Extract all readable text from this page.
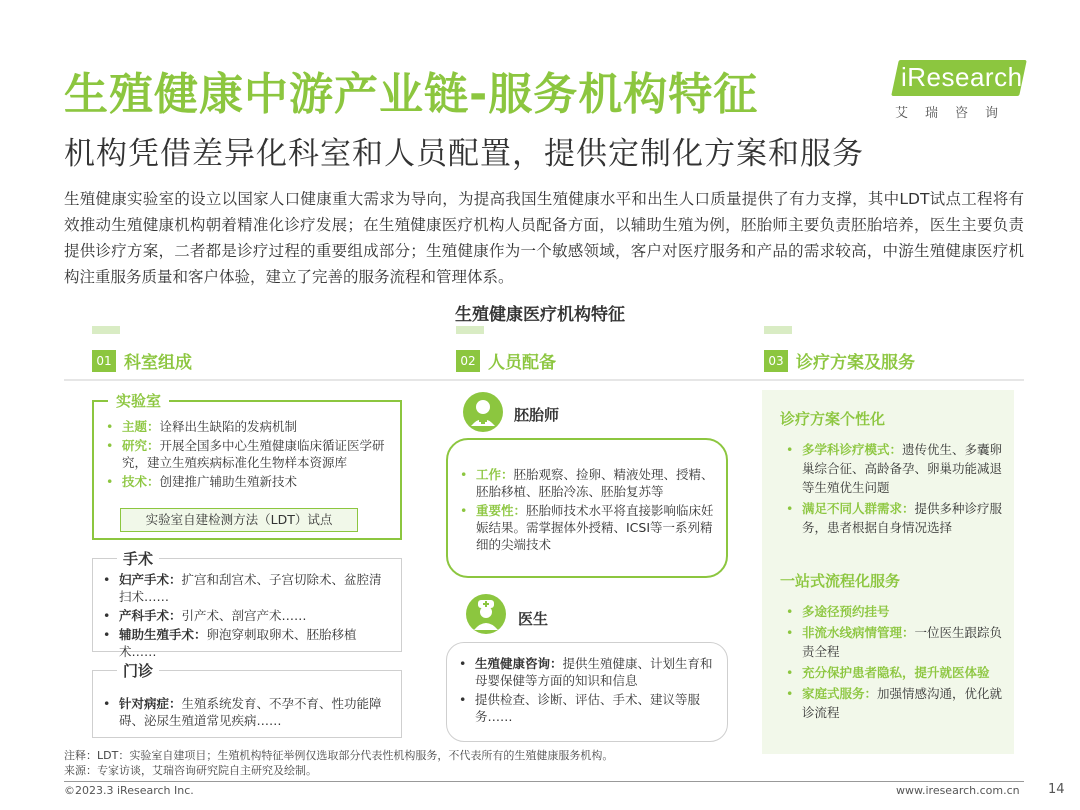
生殖健康中游产业链-服务机构特征
机构凭借差异化科室和人员配置，提供定制化方案和服务
iResearch
艾瑞咨询
生殖健康实验室的设立以国家人口健康重大需求为导向，为提高我国生殖健康水平和出生人口质量提供了有力支撑，其中LDT试点工程将有效推动生殖健康机构朝着精准化诊疗发展；在生殖健康医疗机构人员配备方面，以辅助生殖为例，胚胎师主要负责胚胎培养，医生主要负责提供诊疗方案，二者都是诊疗过程的重要组成部分；生殖健康作为一个敏感领域，客户对医疗服务和产品的需求较高，中游生殖健康医疗机构注重服务质量和客户体验，建立了完善的服务流程和管理体系。
生殖健康医疗机构特征
01 科室组成	02 人员配备	03 诊疗方案及服务
实验室
• 主题：诠释出生缺陷的发病机制
• 研究：开展全国多中心生殖健康临床循证医学研究，建立生殖疾病标准化生物样本资源库
• 技术：创建推广辅助生殖新技术
实验室自建检测方法（LDT）试点
手术
• 妇产手术：扩宫和刮宫术、子宫切除术、盆腔清扫术……
• 产科手术：引产术、剖宫产术……
• 辅助生殖手术：卵泡穿刺取卵术、胚胎移植术……
门诊
• 针对病症：生殖系统发育、不孕不育、性功能障碍、泌尿生殖道常见疾病……
胚胎师
• 工作：胚胎观察、捡卵、精液处理、授精、胚胎移植、胚胎冷冻、胚胎复苏等
• 重要性：胚胎师技术水平将直接影响临床妊娠结果。需掌握体外授精、ICSI等一系列精细的尖端技术
医生
• 生殖健康咨询：提供生殖健康、计划生育和母婴保健等方面的知识和信息
• 提供检查、诊断、评估、手术、建议等服务……
诊疗方案个性化
• 多学科诊疗模式：遗传优生、多囊卵巢综合征、高龄备孕、卵巢功能减退等生殖优生问题
• 满足不同人群需求：提供多种诊疗服务，患者根据自身情况选择
一站式流程化服务
• 多途径预约挂号
• 非流水线病情管理：一位医生跟踪负责全程
• 充分保护患者隐私，提升就医体验
• 家庭式服务：加强情感沟通，优化就诊流程
注释：LDT：实验室自建项目；生殖机构特征举例仅选取部分代表性机构服务，不代表所有的生殖健康服务机构。
来源：专家访谈，艾瑞咨询研究院自主研究及绘制。
©2023.3 iResearch Inc.	www.iresearch.com.cn 14
